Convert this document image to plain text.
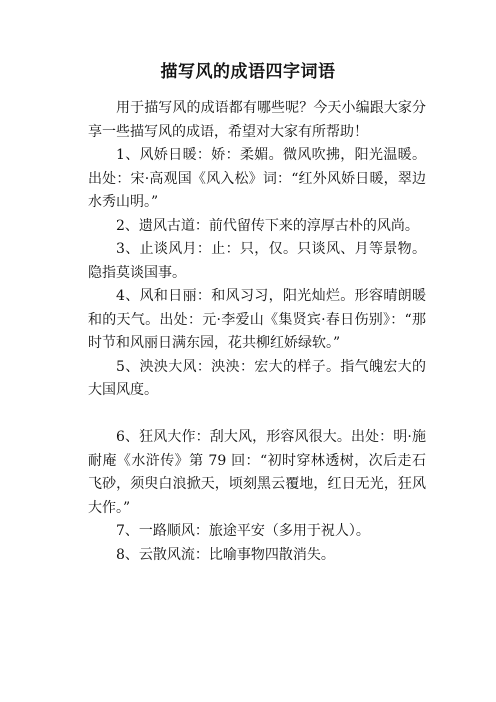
描写风的成语四字词语

用于描写风的成语都有哪些呢？今天小编跟大家分享一些描写风的成语，希望对大家有所帮助！

1、风娇日暖：娇：柔媚。微风吹拂，阳光温暖。出处：宋·高观国《风入松》词：“红外风娇日暖，翠边水秀山明。”

2、遗风古道：前代留传下来的淳厚古朴的风尚。

3、止谈风月：止：只，仅。只谈风、月等景物。隐指莫谈国事。

4、风和日丽：和风习习，阳光灿烂。形容晴朗暖和的天气。出处：元·李爱山《集贤宾·春日伤别》：“那时节和风丽日满东园，花共柳红娇绿软。”

5、泱泱大风：泱泱：宏大的样子。指气魄宏大的大国风度。

6、狂风大作：刮大风，形容风很大。出处：明·施耐庵《水浒传》第 79 回：“初时穿林透树，次后走石飞砂，须臾白浪掀天，顷刻黑云覆地，红日无光，狂风大作。”

7、一路顺风：旅途平安（多用于祝人）。

8、云散风流：比喻事物四散消失。
